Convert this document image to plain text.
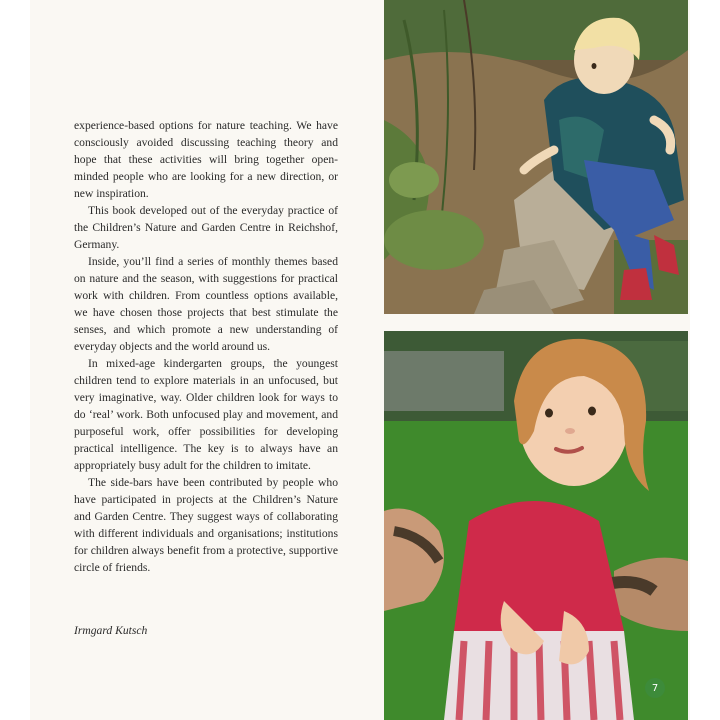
experience-based options for nature teaching. We have consciously avoided discussing teaching theory and hope that these activities will bring together open-minded people who are looking for a new direction, or new inspiration.

This book developed out of the everyday practice of the Children’s Nature and Garden Centre in Reichshof, Germany.

Inside, you’ll find a series of monthly themes based on nature and the season, with suggestions for practical work with children. From countless options available, we have chosen those projects that best stimulate the senses, and which promote a new understanding of everyday objects and the world around us.

In mixed-age kindergarten groups, the youngest children tend to explore materials in an unfocused, but very imaginative, way. Older children look for ways to do ‘real’ work. Both unfocused play and movement, and purposeful work, offer possibilities for developing practical intelligence. The key is to always have an appropriately busy adult for the children to imitate.

The side-bars have been contributed by people who have participated in projects at the Children’s Nature and Garden Centre. They suggest ways of collaborating with different individuals and organisations; institutions for children always benefit from a protective, supportive circle of friends.

Irmgard Kutsch
7
